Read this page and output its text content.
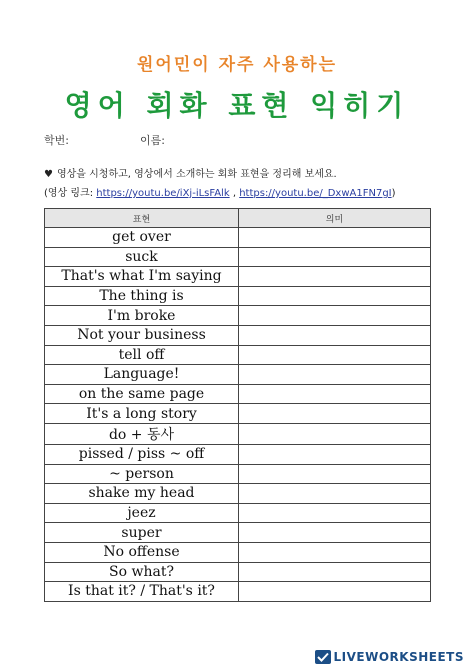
원어민이 자주 사용하는
영어 회화 표현 익히기
학번:	이름:
♥ 영상을 시청하고, 영상에서 소개하는 회화 표현을 정리해 보세요.
(영상 링크: https://youtu.be/iXj-iLsFAlk , https://youtu.be/_DxwA1FN7gI)
표현	의미
get over	
suck	
That's what I'm saying	
The thing is	
I'm broke	
Not your business	
tell off	
Language!	
on the same page	
It's a long story	
do + 동사	
pissed / piss ~ off	
~ person	
shake my head	
jeez	
super	
No offense	
So what?	
Is that it? / That's it?	
LIVEWORKSHEETS
